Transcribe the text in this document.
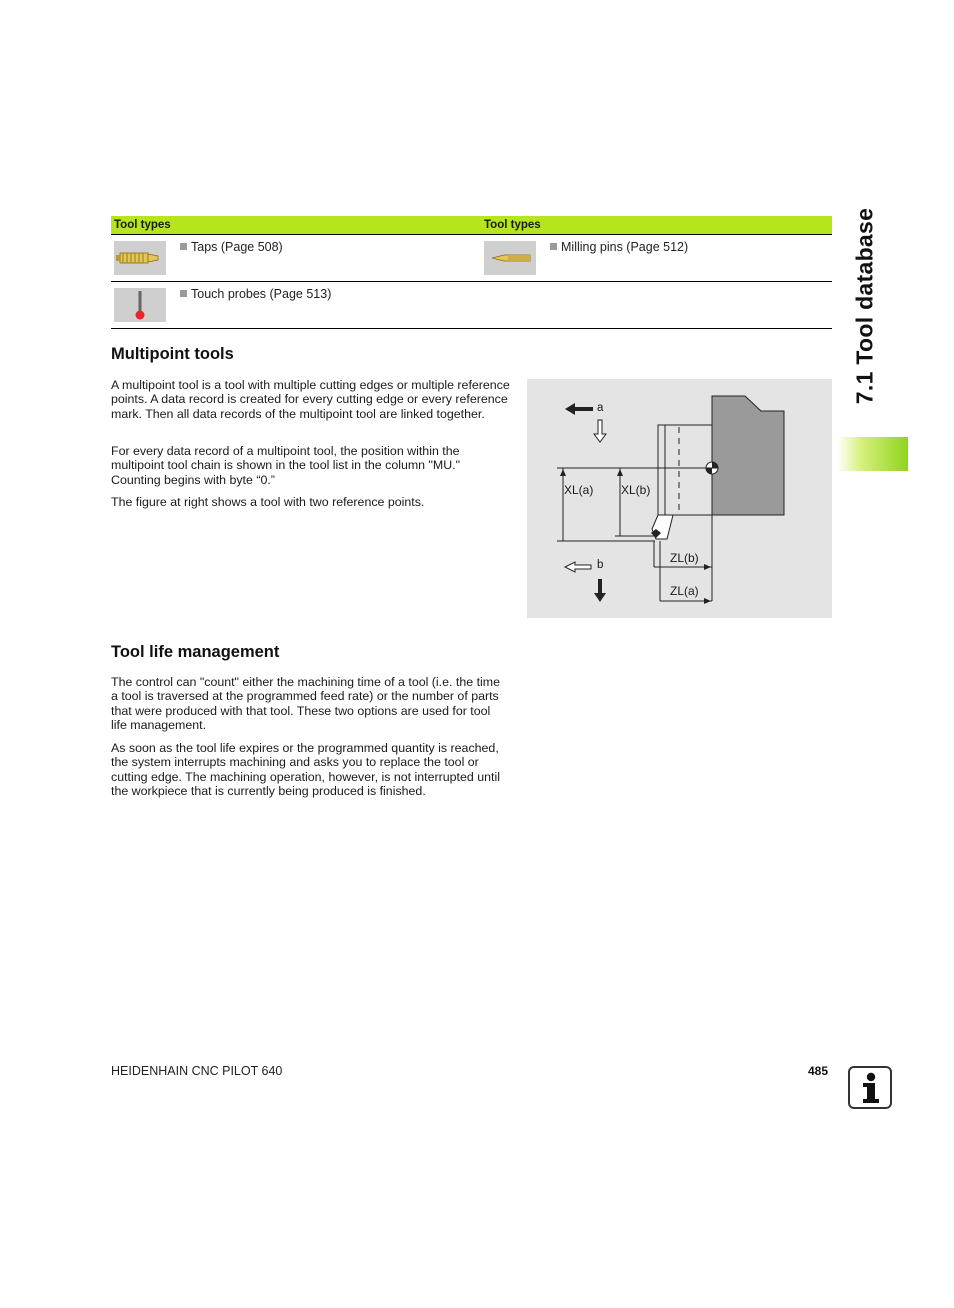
7.1 Tool database
Tool types	Tool types
Taps (Page 508)	Milling pins (Page 512)
Touch probes (Page 513)
Multipoint tools

A multipoint tool is a tool with multiple cutting edges or multiple reference points. A data record is created for every cutting edge or every reference mark. Then all data records of the multipoint tool are linked together.

For every data record of a multipoint tool, the position within the multipoint tool chain is shown in the tool list in the column "MU." Counting begins with byte “0.”

The figure at right shows a tool with two reference points.

a
b
XL(a) XL(b)
ZL(b)
ZL(a)
Tool life management

The control can "count" either the machining time of a tool (i.e. the time a tool is traversed at the programmed feed rate) or the number of parts that were produced with that tool. These two options are used for tool life management.

As soon as the tool life expires or the programmed quantity is reached, the system interrupts machining and asks you to replace the tool or cutting edge. The machining operation, however, is not interrupted until the workpiece that is currently being produced is finished.

HEIDENHAIN CNC PILOT 640	485
